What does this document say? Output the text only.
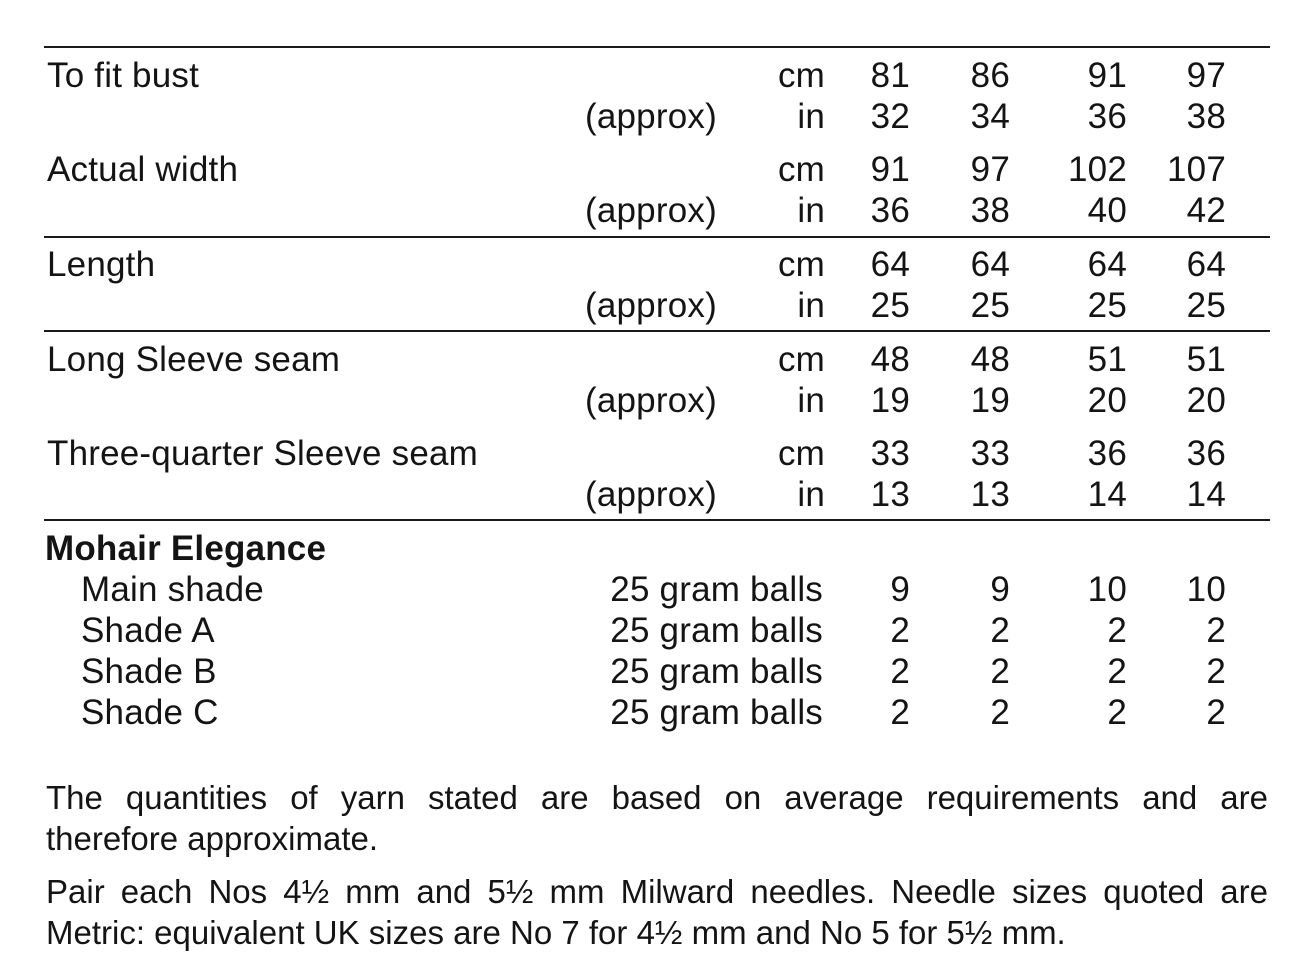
To fit bust	cm 81 86 91 97
(approx) in 32 34 36 38
Actual width	cm 91 97 102 107
(approx) in 36 38 40 42
Length	cm 64 64 64 64
(approx) in 25 25 25 25
Long Sleeve seam	cm 48 48 51 51
(approx) in 19 19 20 20
Three-quarter Sleeve seam	cm 33 33 36 36
(approx) in 13 13 14 14
Mohair Elegance
Main shade	25 gram balls 9 9 10 10
Shade A	25 gram balls 2 2	2 2
Shade B	25 gram balls 2 2	2 2
Shade C	25 gram balls 2 2	2 2
The quantities of yarn stated are based on average requirements and are
therefore approximate.
Pair each Nos 4½ mm and 5½ mm Milward needles. Needle sizes quoted are
Metric: equivalent UK sizes are No 7 for 4½ mm and No 5 for 5½ mm.
